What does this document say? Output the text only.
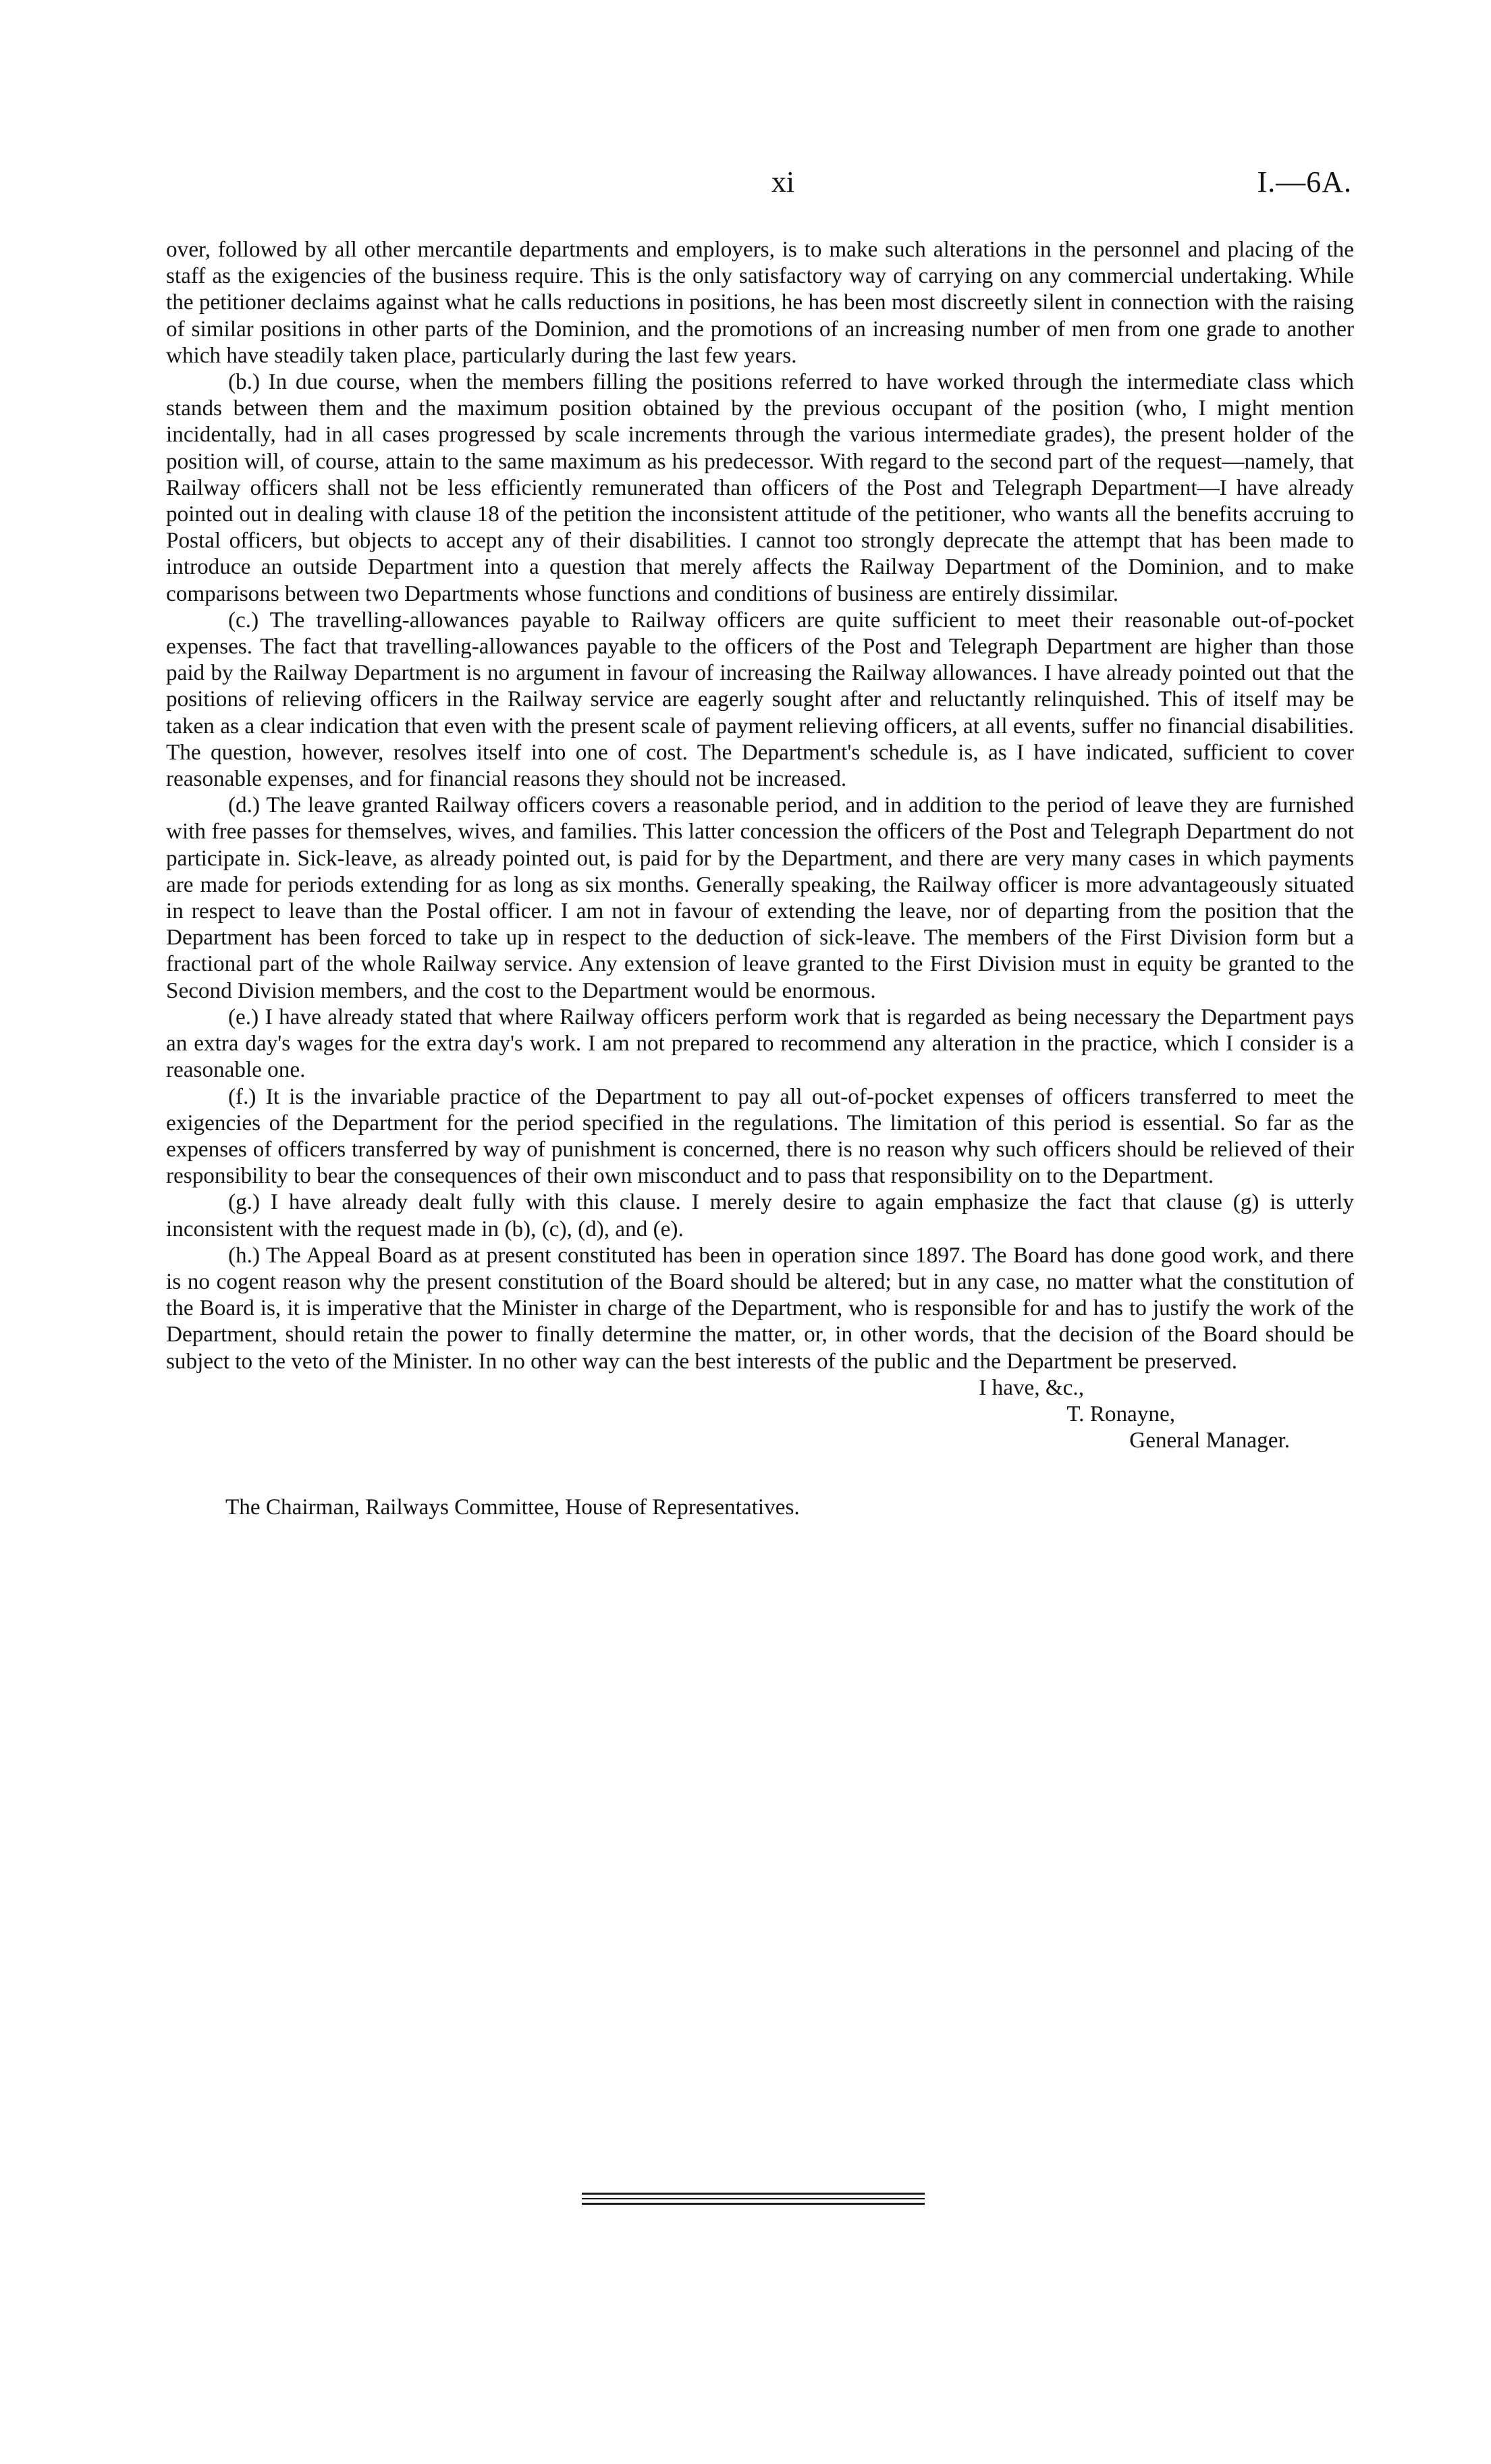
xi	I.—6A.

over, followed by all other mercantile departments and employers, is to make such alterations in the personnel and placing of the staff as the exigencies of the business require. This is the only satisfactory way of carrying on any commercial undertaking. While the petitioner declaims against what he calls reductions in positions, he has been most discreetly silent in connection with the raising of similar positions in other parts of the Dominion, and the promotions of an increasing number of men from one grade to another which have steadily taken place, particularly during the last few years.

(b.) In due course, when the members filling the positions referred to have worked through the intermediate class which stands between them and the maximum position obtained by the previous occupant of the position (who, I might mention incidentally, had in all cases progressed by scale increments through the various intermediate grades), the present holder of the position will, of course, attain to the same maximum as his predecessor. With regard to the second part of the request—namely, that Railway officers shall not be less efficiently remunerated than officers of the Post and Telegraph Department—I have already pointed out in dealing with clause 18 of the petition the inconsistent attitude of the petitioner, who wants all the benefits accruing to Postal officers, but objects to accept any of their disabilities. I cannot too strongly deprecate the attempt that has been made to introduce an outside Department into a question that merely affects the Railway Department of the Dominion, and to make comparisons between two Departments whose functions and conditions of business are entirely dissimilar.

(c.) The travelling-allowances payable to Railway officers are quite sufficient to meet their reasonable out-of-pocket expenses. The fact that travelling-allowances payable to the officers of the Post and Telegraph Department are higher than those paid by the Railway Department is no argument in favour of increasing the Railway allowances. I have already pointed out that the positions of relieving officers in the Railway service are eagerly sought after and reluctantly relinquished. This of itself may be taken as a clear indication that even with the present scale of payment relieving officers, at all events, suffer no financial disabilities. The question, however, resolves itself into one of cost. The Department's schedule is, as I have indicated, sufficient to cover reasonable expenses, and for financial reasons they should not be increased.

(d.) The leave granted Railway officers covers a reasonable period, and in addition to the period of leave they are furnished with free passes for themselves, wives, and families. This latter concession the officers of the Post and Telegraph Department do not participate in. Sick-leave, as already pointed out, is paid for by the Department, and there are very many cases in which payments are made for periods extending for as long as six months. Generally speaking, the Railway officer is more advantageously situated in respect to leave than the Postal officer. I am not in favour of extending the leave, nor of departing from the position that the Department has been forced to take up in respect to the deduction of sick-leave. The members of the First Division form but a fractional part of the whole Railway service. Any extension of leave granted to the First Division must in equity be granted to the Second Division members, and the cost to the Department would be enormous.

(e.) I have already stated that where Railway officers perform work that is regarded as being necessary the Department pays an extra day's wages for the extra day's work. I am not prepared to recommend any alteration in the practice, which I consider is a reasonable one.

(f.) It is the invariable practice of the Department to pay all out-of-pocket expenses of officers transferred to meet the exigencies of the Department for the period specified in the regulations. The limitation of this period is essential. So far as the expenses of officers transferred by way of punishment is concerned, there is no reason why such officers should be relieved of their responsibility to bear the consequences of their own misconduct and to pass that responsibility on to the Department.

(g.) I have already dealt fully with this clause. I merely desire to again emphasize the fact that clause (g) is utterly inconsistent with the request made in (b), (c), (d), and (e).

(h.) The Appeal Board as at present constituted has been in operation since 1897. The Board has done good work, and there is no cogent reason why the present constitution of the Board should be altered; but in any case, no matter what the constitution of the Board is, it is imperative that the Minister in charge of the Department, who is responsible for and has to justify the work of the Department, should retain the power to finally determine the matter, or, in other words, that the decision of the Board should be subject to the veto of the Minister. In no other way can the best interests of the public and the Department be preserved.

I have, &c.,
T. Ronayne,
General Manager.
The Chairman, Railways Committee, House of Representatives.
